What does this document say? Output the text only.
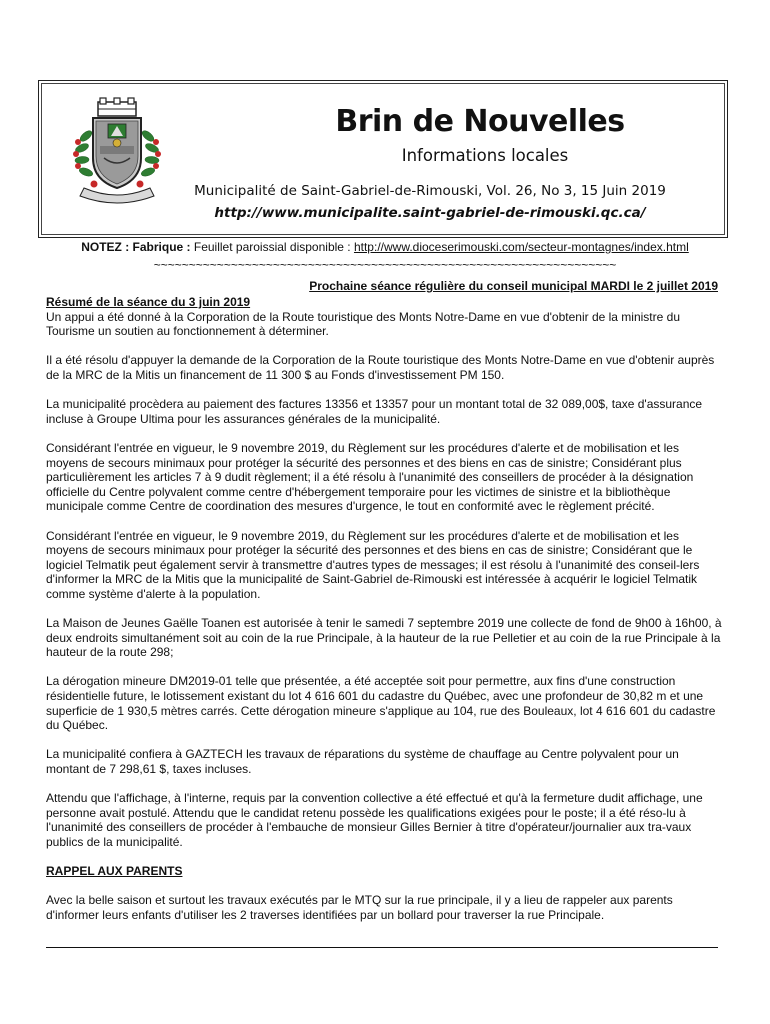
Brin de Nouvelles
Informations locales
Municipalité de Saint-Gabriel-de-Rimouski, Vol. 26, No 3, 15 Juin 2019
http://www.municipalite.saint-gabriel-de-rimouski.qc.ca/
NOTEZ : Fabrique : Feuillet paroissial disponible : http://www.dioceserimouski.com/secteur-montagnes/index.html
~~~~~~~~~~~~~~~~~~~~~~~~~~~~~~~~~~~~~~~~~~~~~~~~~~~~~~~~~~~~~~~~~~
Prochaine séance régulière du conseil municipal MARDI le 2 juillet 2019
Résumé de la séance du 3 juin 2019

Un appui a été donné à la Corporation de la Route touristique des Monts Notre-Dame en vue d'obtenir de la ministre du Tourisme un soutien au fonctionnement à déterminer.

Il a été résolu d'appuyer la demande de la Corporation de la Route touristique des Monts Notre-Dame en vue d'obtenir auprès de la MRC de la Mitis un financement de 11 300 $ au Fonds d'investissement PM 150.

La municipalité procèdera au paiement des factures 13356 et 13357 pour un montant total de 32 089,00$, taxe d'assurance incluse à Groupe Ultima pour les assurances générales de la municipalité.

Considérant l'entrée en vigueur, le 9 novembre 2019, du Règlement sur les procédures d'alerte et de mobilisation et les moyens de secours minimaux pour protéger la sécurité des personnes et des biens en cas de sinistre; Considérant plus particulièrement les articles 7 à 9 dudit règlement; il a été résolu à l'unanimité des conseillers de procéder à la désignation officielle du Centre polyvalent comme centre d'hébergement temporaire pour les victimes de sinistre et la bibliothèque municipale comme Centre de coordination des mesures d'urgence, le tout en conformité avec le règlement précité.

Considérant l'entrée en vigueur, le 9 novembre 2019, du Règlement sur les procédures d'alerte et de mobilisation et les moyens de secours minimaux pour protéger la sécurité des personnes et des biens en cas de sinistre; Considérant que le logiciel Telmatik peut également servir à transmettre d'autres types de messages; il est résolu à l'unanimité des conseil-lers d'informer la MRC de la Mitis que la municipalité de Saint-Gabriel de-Rimouski est intéressée à acquérir le logiciel Telmatik comme système d'alerte à la population.

La Maison de Jeunes Gaëlle Toanen est autorisée à tenir le samedi 7 septembre 2019 une collecte de fond de 9h00 à 16h00, à deux endroits simultanément soit au coin de la rue Principale, à la hauteur de la rue Pelletier et au coin de la rue Principale à la hauteur de la route 298;

La dérogation mineure DM2019-01 telle que présentée, a été acceptée soit pour permettre, aux fins d'une construction résidentielle future, le lotissement existant du lot 4 616 601 du cadastre du Québec, avec une profondeur de 30,82 m et une superficie de 1 930,5 mètres carrés. Cette dérogation mineure s'applique au 104, rue des Bouleaux, lot 4 616 601 du cadastre du Québec.

La municipalité confiera à GAZTECH les travaux de réparations du système de chauffage au Centre polyvalent pour un montant de 7 298,61 $, taxes incluses.

Attendu que l'affichage, à l'interne, requis par la convention collective a été effectué et qu'à la fermeture dudit affichage, une personne avait postulé. Attendu que le candidat retenu possède les qualifications exigées pour le poste; il a été réso-lu à l'unanimité des conseillers de procéder à l'embauche de monsieur Gilles Bernier à titre d'opérateur/journalier aux tra-vaux publics de la municipalité.

RAPPEL AUX PARENTS

Avec la belle saison et surtout les travaux exécutés par le MTQ sur la rue principale, il y a lieu de rappeler aux parents d'informer leurs enfants d'utiliser les 2 traverses identifiées par un bollard pour traverser la rue Principale.
